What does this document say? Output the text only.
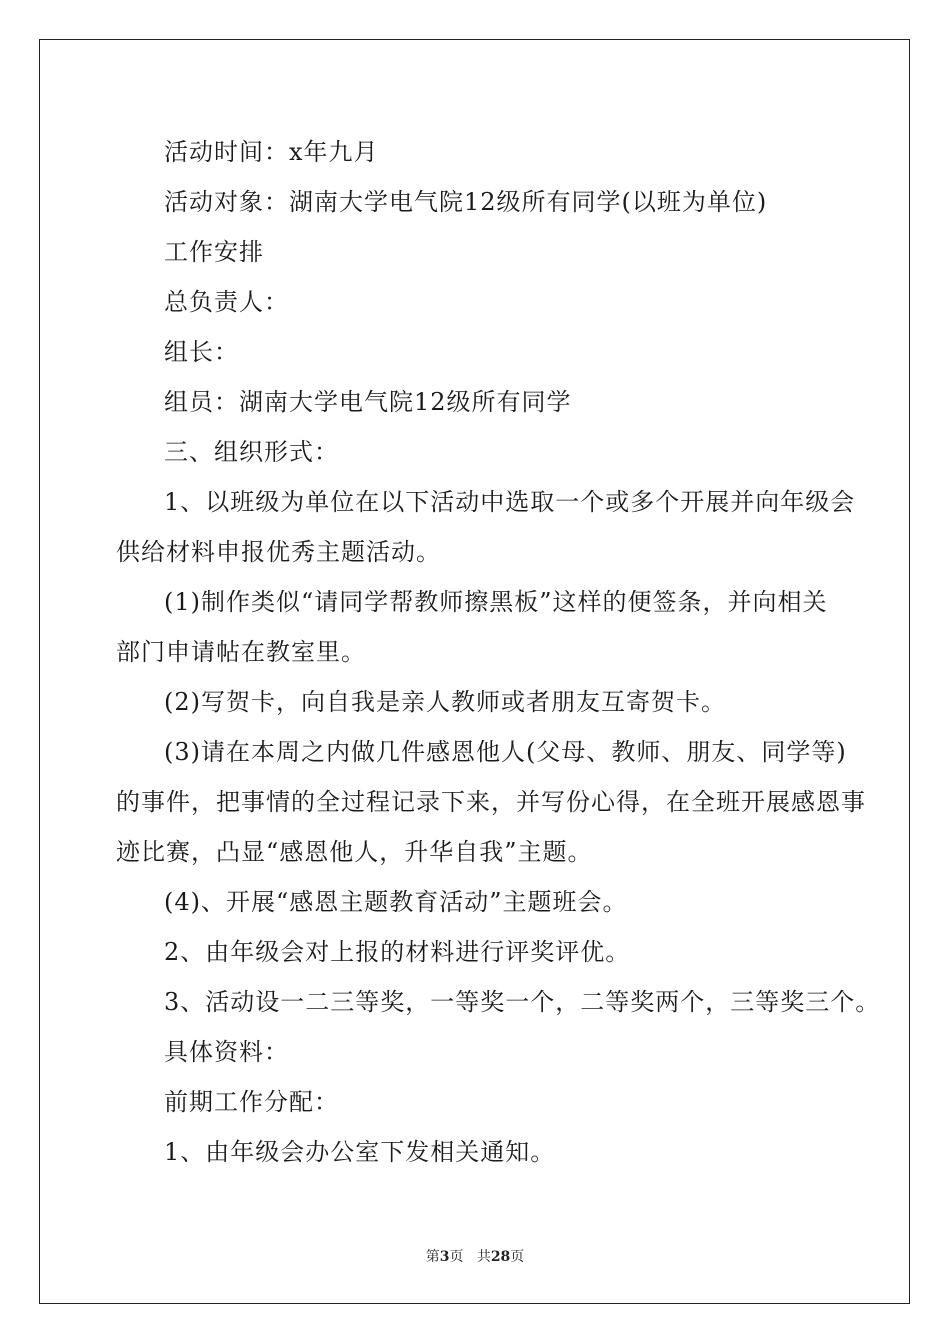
活动时间：x年九月
活动对象：湖南大学电气院12级所有同学(以班为单位)
工作安排
总负责人：
组长：
组员：湖南大学电气院12级所有同学
三、组织形式：
1、以班级为单位在以下活动中选取一个或多个开展并向年级会
供给材料申报优秀主题活动。
(1)制作类似“请同学帮教师擦黑板”这样的便签条，并向相关
部门申请帖在教室里。
(2)写贺卡，向自我是亲人教师或者朋友互寄贺卡。
(3)请在本周之内做几件感恩他人(父母、教师、朋友、同学等)
的事件，把事情的全过程记录下来，并写份心得，在全班开展感恩事
迹比赛，凸显“感恩他人，升华自我”主题。
(4)、开展“感恩主题教育活动”主题班会。
2、由年级会对上报的材料进行评奖评优。
3、活动设一二三等奖，一等奖一个，二等奖两个，三等奖三个。
具体资料：
前期工作分配：
1、由年级会办公室下发相关通知。
第3页 共28页
